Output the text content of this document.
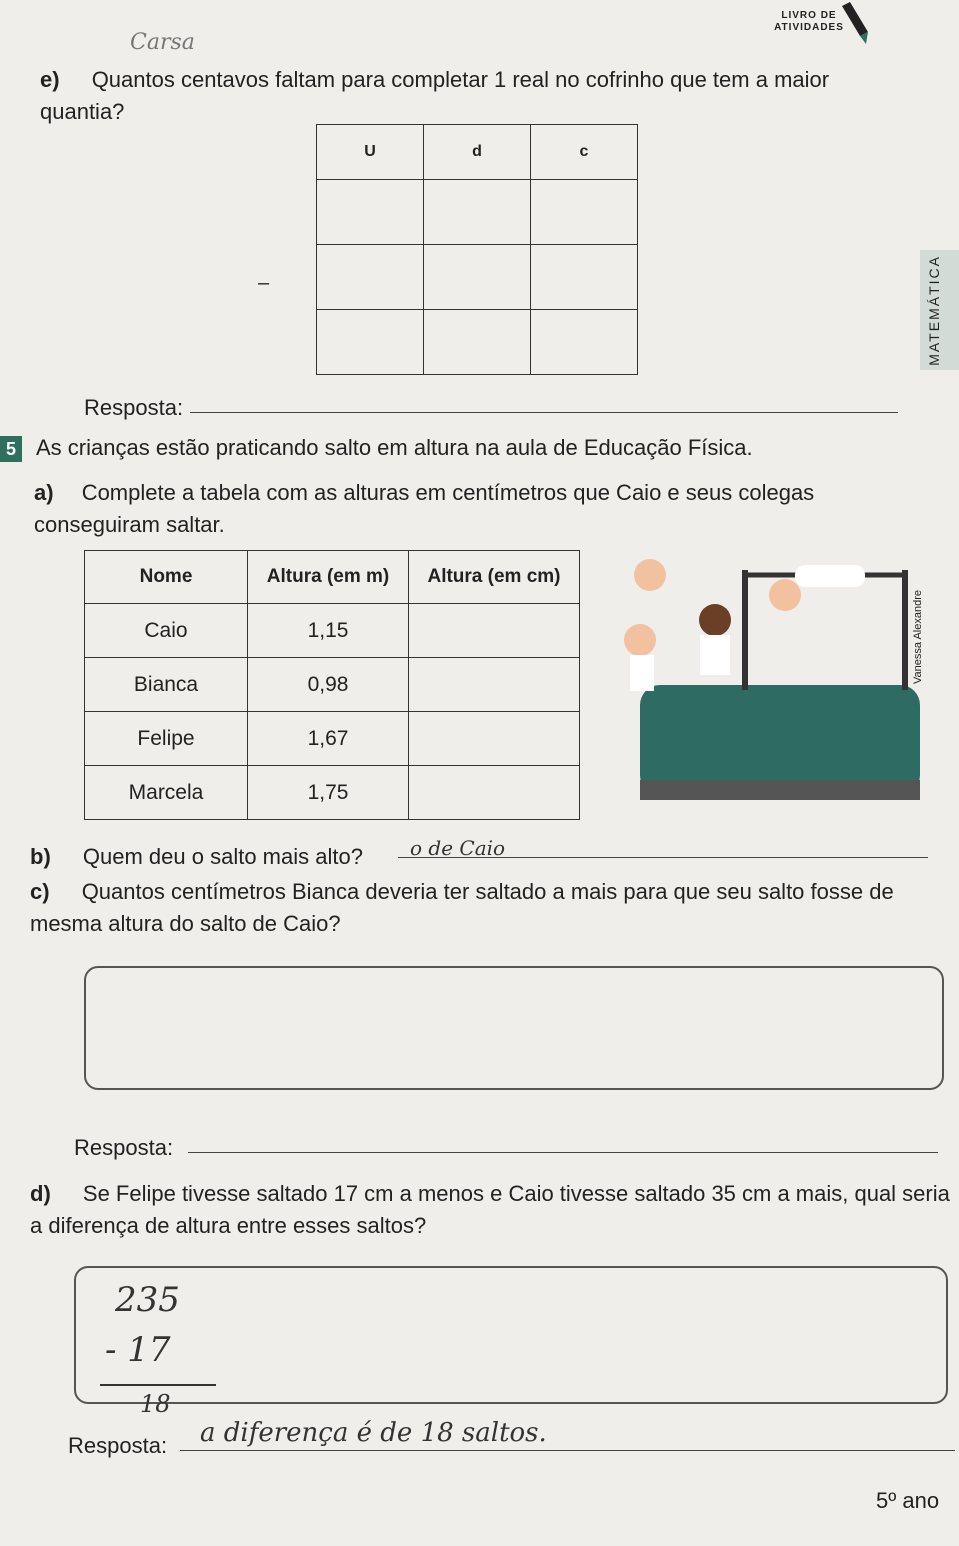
LIVRO DE
ATIVIDADES
Carsa
MATEMÁTICA
e) Quantos centavos faltam para completar 1 real no cofrinho que tem a maior quantia?
U	d	c

–
Resposta:
5 As crianças estão praticando salto em altura na aula de Educação Física.
a) Complete a tabela com as alturas em centímetros que Caio e seus colegas conseguiram saltar.
Nome	Altura (em m)	Altura (em cm)
Caio	1,15	
Bianca	0,98	
Felipe	1,67	
Marcela	1,75	
Vanessa Alexandre
b) Quem deu o salto mais alto? o de Caio
c) Quantos centímetros Bianca deveria ter saltado a mais para que seu salto fosse de mesma altura do salto de Caio?
Resposta:
d) Se Felipe tivesse saltado 17 cm a menos e Caio tivesse saltado 35 cm a mais, qual seria a diferença de altura entre esses saltos?
235
- 17
18
Resposta: a diferença é de 18 saltos.
5º ano
